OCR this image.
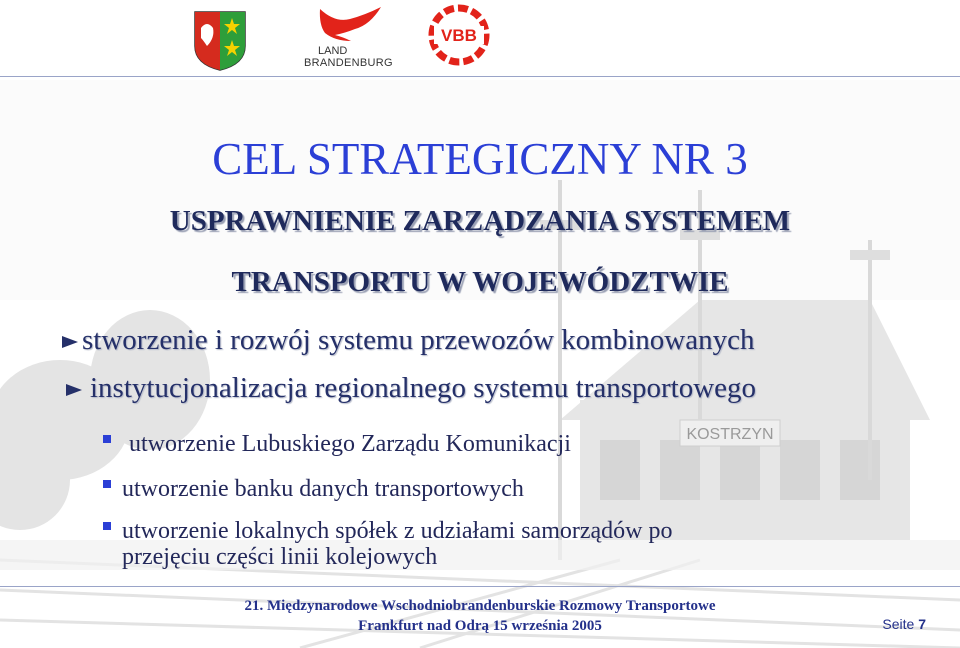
KOSTRZYN
LAND
BRANDENBURG
VBB
CEL STRATEGICZNY NR 3
USPRAWNIENIE ZARZĄDZANIA SYSTEMEM
TRANSPORTU W WOJEWÓDZTWIE
stworzenie i rozwój systemu przewozów kombinowanych
instytucjonalizacja regionalnego systemu transportowego
utworzenie Lubuskiego Zarządu Komunikacji
utworzenie banku danych transportowych
utworzenie lokalnych spółek z udziałami samorządów po
przejęciu części linii kolejowych
21. Międzynarodowe Wschodniobrandenburskie Rozmowy Transportowe
Frankfurt nad Odrą 15 września 2005	Seite 7
